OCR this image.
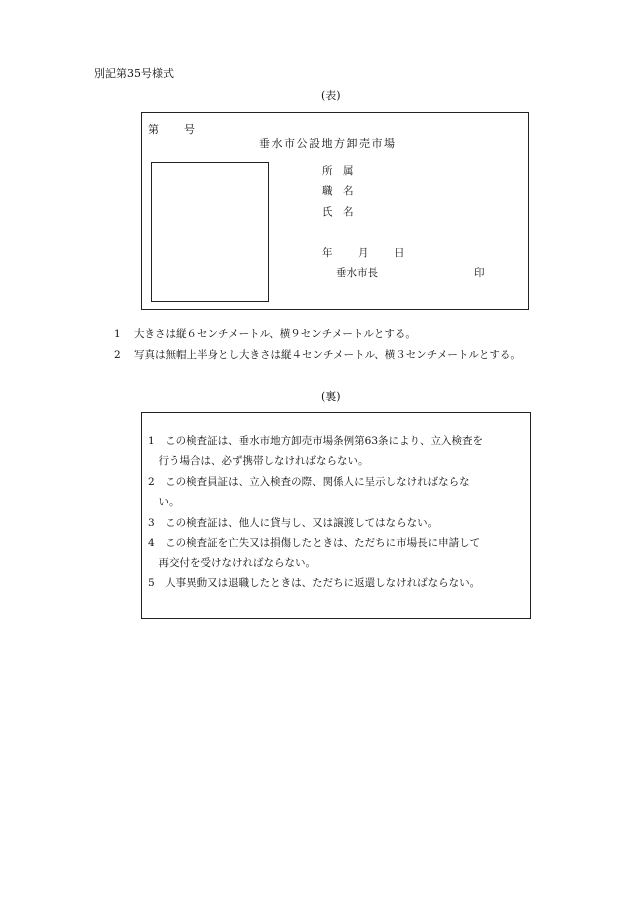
別記第35号様式
(表)
第 号
垂水市公設地方卸売市場
所　属
職　名
氏　名
年 月 日
垂水市長	印
1 大きさは縦６センチメートル、横９センチメートルとする。
2 写真は無帽上半身とし大きさは縦４センチメートル、横３センチメートルとする。
(裏)
1　この検査証は、垂水市地方卸売市場条例第63条により、立入検査を
　行う場合は、必ず携帯しなければならない。
2　この検査員証は、立入検査の際、関係人に呈示しなければならな
　い。
3　この検査証は、他人に貸与し、又は譲渡してはならない。
4　この検査証を亡失又は損傷したときは、ただちに市場長に申請して
　再交付を受けなければならない。
5　人事異動又は退職したときは、ただちに返還しなければならない。
